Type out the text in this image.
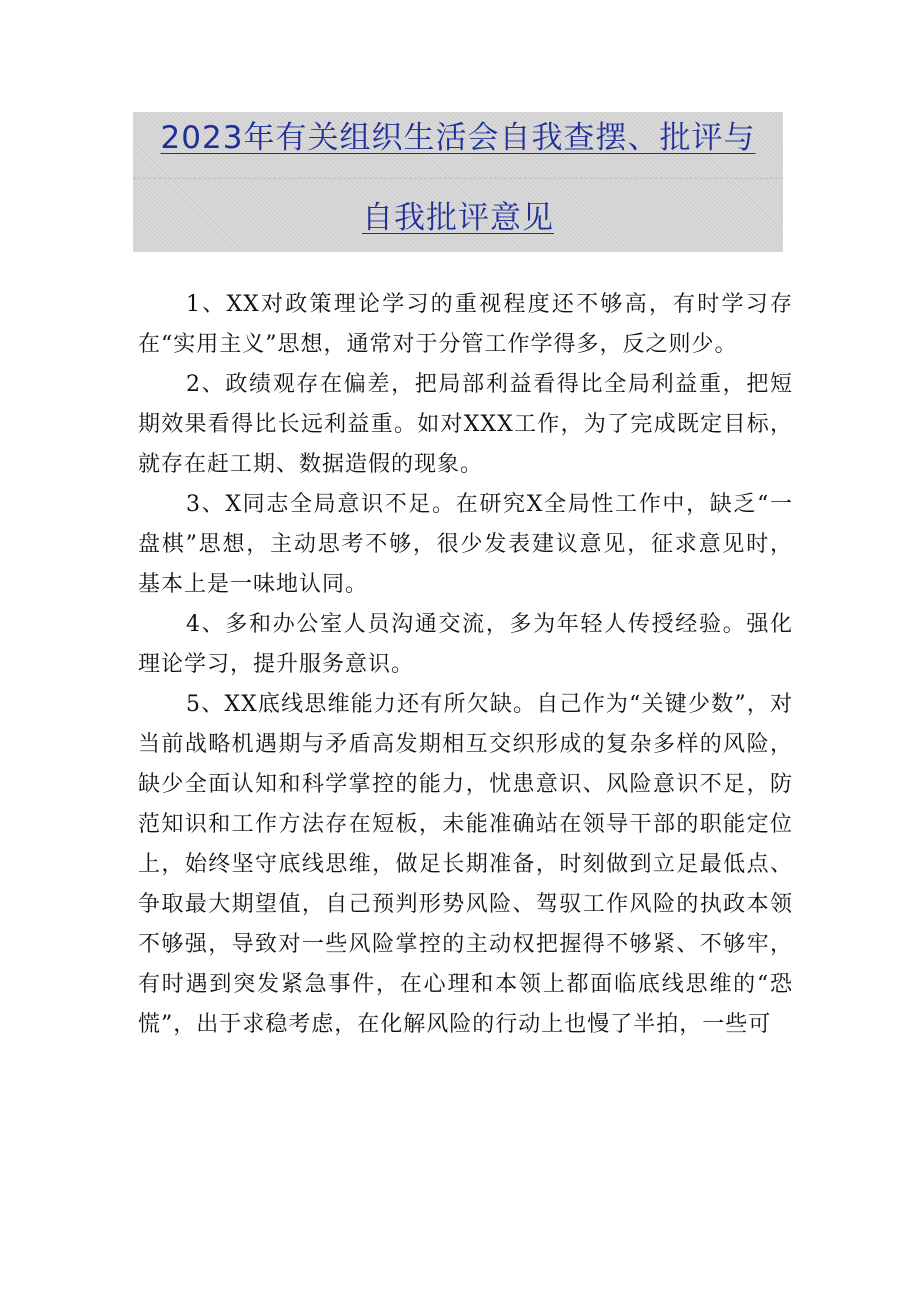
2023年有关组织生活会自我查摆、批评与
自我批评意见

1、XX对政策理论学习的重视程度还不够高，有时学习存在“实用主义”思想，通常对于分管工作学得多，反之则少。

2、政绩观存在偏差，把局部利益看得比全局利益重，把短期效果看得比长远利益重。如对XXX工作，为了完成既定目标，就存在赶工期、数据造假的现象。

3、X同志全局意识不足。在研究X全局性工作中，缺乏“一盘棋”思想，主动思考不够，很少发表建议意见，征求意见时，基本上是一味地认同。

4、多和办公室人员沟通交流，多为年轻人传授经验。强化理论学习，提升服务意识。

5、XX底线思维能力还有所欠缺。自己作为“关键少数”，对当前战略机遇期与矛盾高发期相互交织形成的复杂多样的风险，缺少全面认知和科学掌控的能力，忧患意识、风险意识不足，防范知识和工作方法存在短板，未能准确站在领导干部的职能定位上，始终坚守底线思维，做足长期准备，时刻做到立足最低点、争取最大期望值，自己预判形势风险、驾驭工作风险的执政本领不够强，导致对一些风险掌控的主动权把握得不够紧、不够牢，有时遇到突发紧急事件，在心理和本领上都面临底线思维的“恐慌”，出于求稳考虑，在化解风险的行动上也慢了半拍，一些可
